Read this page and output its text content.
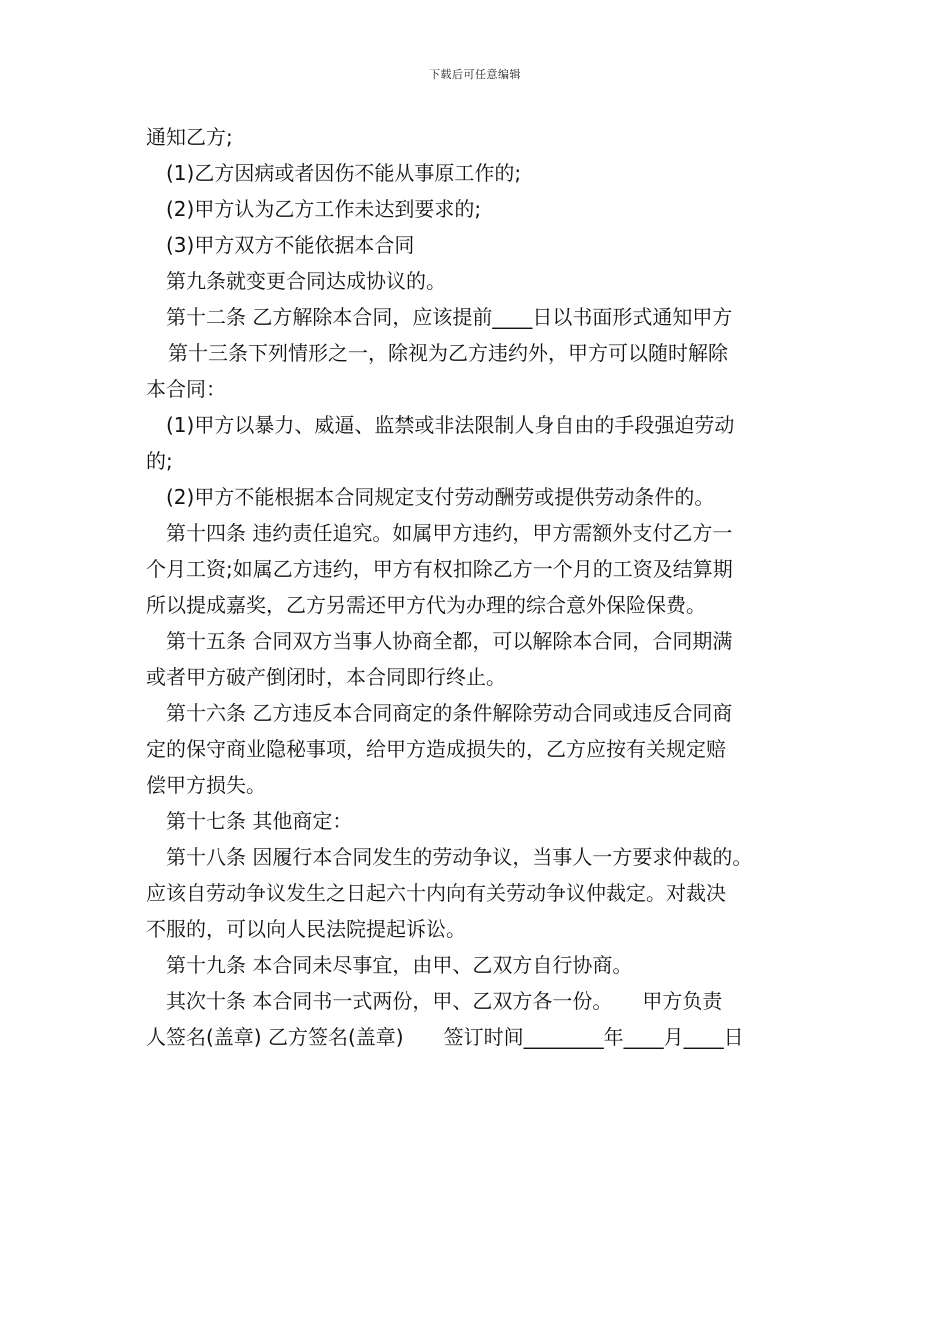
下载后可任意编辑

通知乙方;

(1)乙方因病或者因伤不能从事原工作的;

(2)甲方认为乙方工作未达到要求的;

(3)甲方双方不能依据本合同

第九条就变更合同达成协议的。

第十二条 乙方解除本合同，应该提前____日以书面形式通知甲方

第十三条下列情形之一，除视为乙方违约外，甲方可以随时解除

本合同：

(1)甲方以暴力、威逼、监禁或非法限制人身自由的手段强迫劳动

的;

(2)甲方不能根据本合同规定支付劳动酬劳或提供劳动条件的。

第十四条 违约责任追究。如属甲方违约，甲方需额外支付乙方一

个月工资;如属乙方违约，甲方有权扣除乙方一个月的工资及结算期

所以提成嘉奖，乙方另需还甲方代为办理的综合意外保险保费。

第十五条 合同双方当事人协商全都，可以解除本合同，合同期满

或者甲方破产倒闭时，本合同即行终止。

第十六条 乙方违反本合同商定的条件解除劳动合同或违反合同商

定的保守商业隐秘事项，给甲方造成损失的，乙方应按有关规定赔

偿甲方损失。

第十七条 其他商定：

第十八条 因履行本合同发生的劳动争议，当事人一方要求仲裁的。

应该自劳动争议发生之日起六十内向有关劳动争议仲裁定。对裁决

不服的，可以向人民法院提起诉讼。

第十九条 本合同未尽事宜，由甲、乙双方自行协商。

其次十条 本合同书一式两份，甲、乙双方各一份。　　甲方负责

人签名(盖章) 乙方签名(盖章)　　签订时间________年____月____日
